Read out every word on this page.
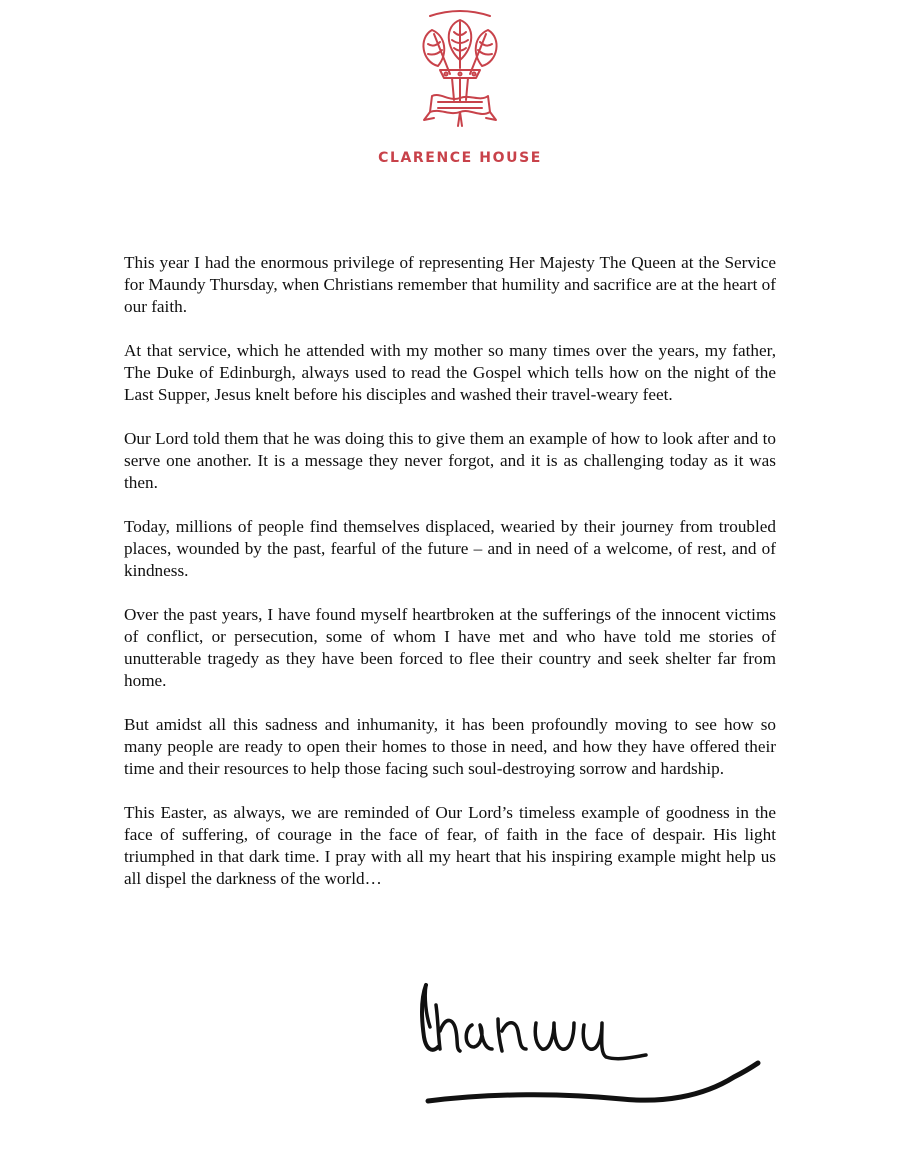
CLARENCE HOUSE

This year I had the enormous privilege of representing Her Majesty The Queen at the Service for Maundy Thursday, when Christians remember that humility and sacrifice are at the heart of our faith.

At that service, which he attended with my mother so many times over the years, my father, The Duke of Edinburgh, always used to read the Gospel which tells how on the night of the Last Supper, Jesus knelt before his disciples and washed their travel-weary feet.

Our Lord told them that he was doing this to give them an example of how to look after and to serve one another. It is a message they never forgot, and it is as challenging today as it was then.

Today, millions of people find themselves displaced, wearied by their journey from troubled places, wounded by the past, fearful of the future – and in need of a welcome, of rest, and of kindness.

Over the past years, I have found myself heartbroken at the sufferings of the innocent victims of conflict, or persecution, some of whom I have met and who have told me stories of unutterable tragedy as they have been forced to flee their country and seek shelter far from home.

But amidst all this sadness and inhumanity, it has been profoundly moving to see how so many people are ready to open their homes to those in need, and how they have offered their time and their resources to help those facing such soul-destroying sorrow and hardship.

This Easter, as always, we are reminded of Our Lord’s timeless example of goodness in the face of suffering, of courage in the face of fear, of faith in the face of despair. His light triumphed in that dark time. I pray with all my heart that his inspiring example might help us all dispel the darkness of the world…
